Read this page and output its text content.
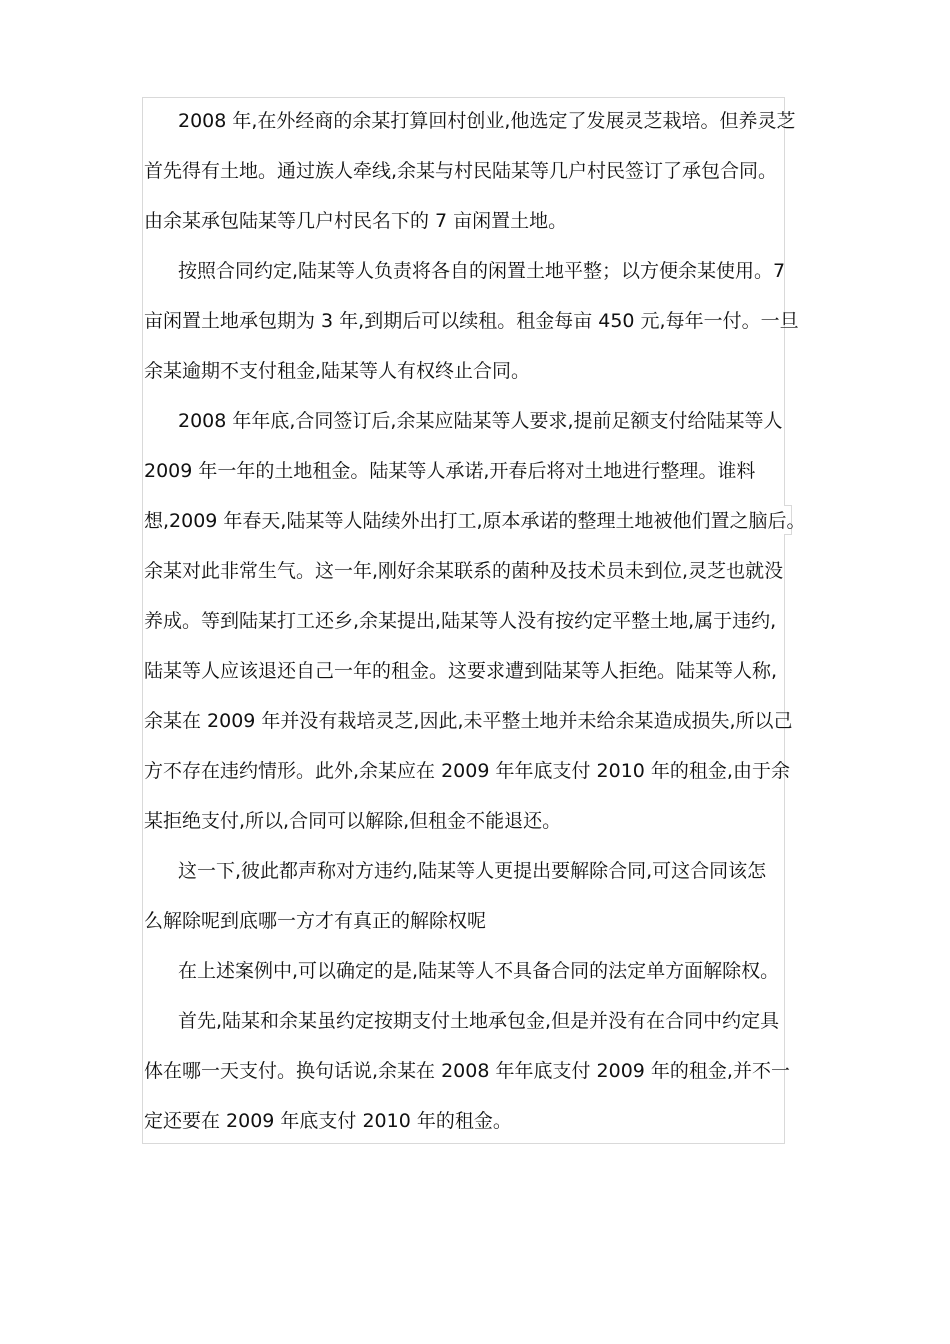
2008 年,在外经商的余某打算回村创业,他选定了发展灵芝栽培。但养灵芝
首先得有土地。通过族人牵线,余某与村民陆某等几户村民签订了承包合同。
由余某承包陆某等几户村民名下的 7 亩闲置土地。
按照合同约定,陆某等人负责将各自的闲置土地平整；以方便余某使用。7
亩闲置土地承包期为 3 年,到期后可以续租。租金每亩 450 元,每年一付。一旦
余某逾期不支付租金,陆某等人有权终止合同。
2008 年年底,合同签订后,余某应陆某等人要求,提前足额支付给陆某等人
2009 年一年的土地租金。陆某等人承诺,开春后将对土地进行整理。谁料
想,2009 年春天,陆某等人陆续外出打工,原本承诺的整理土地被他们置之脑后。
余某对此非常生气。这一年,刚好余某联系的菌种及技术员未到位,灵芝也就没
养成。等到陆某打工还乡,余某提出,陆某等人没有按约定平整土地,属于违约,
陆某等人应该退还自己一年的租金。这要求遭到陆某等人拒绝。陆某等人称,
余某在 2009 年并没有栽培灵芝,因此,未平整土地并未给余某造成损失,所以己
方不存在违约情形。此外,余某应在 2009 年年底支付 2010 年的租金,由于余
某拒绝支付,所以,合同可以解除,但租金不能退还。
这一下,彼此都声称对方违约,陆某等人更提出要解除合同,可这合同该怎
么解除呢到底哪一方才有真正的解除权呢
在上述案例中,可以确定的是,陆某等人不具备合同的法定单方面解除权。
首先,陆某和余某虽约定按期支付土地承包金,但是并没有在合同中约定具
体在哪一天支付。换句话说,余某在 2008 年年底支付 2009 年的租金,并不一
定还要在 2009 年底支付 2010 年的租金。
